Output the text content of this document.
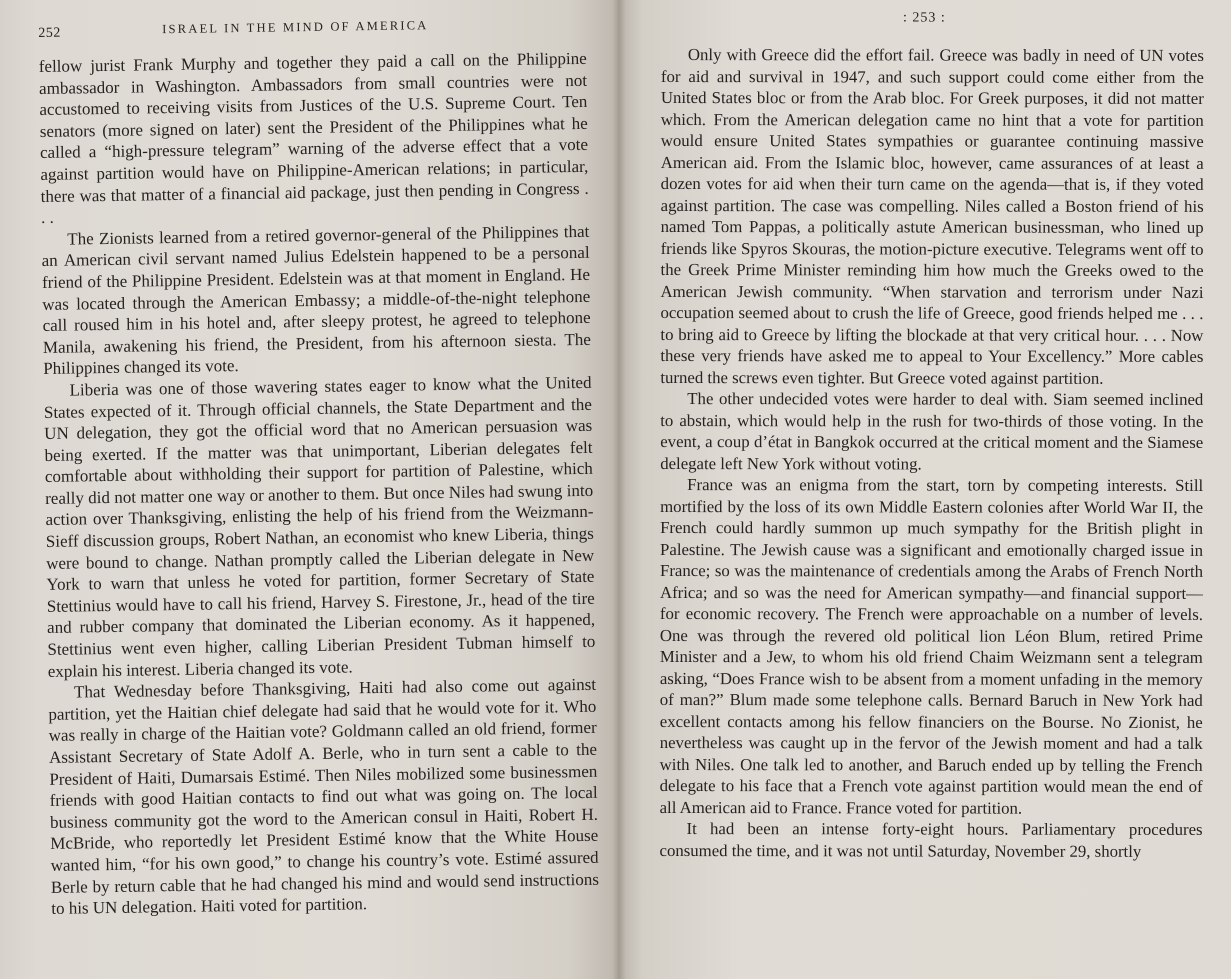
252	ISRAEL IN THE MIND OF AMERICA

fellow jurist Frank Murphy and together they paid a call on the Philippine ambassador in Washington. Ambassadors from small countries were not accustomed to receiving visits from Justices of the U.S. Supreme Court. Ten senators (more signed on later) sent the President of the Philippines what he called a “high-pressure telegram” warning of the adverse effect that a vote against partition would have on Philippine-American relations; in particular, there was that matter of a financial aid package, just then pending in Congress . . .

The Zionists learned from a retired governor-general of the Philippines that an American civil servant named Julius Edelstein happened to be a personal friend of the Philippine President. Edelstein was at that moment in England. He was located through the American Embassy; a middle-of-the-night telephone call roused him in his hotel and, after sleepy protest, he agreed to telephone Manila, awakening his friend, the President, from his afternoon siesta. The Philippines changed its vote.

Liberia was one of those wavering states eager to know what the United States expected of it. Through official channels, the State Department and the UN delegation, they got the official word that no American persuasion was being exerted. If the matter was that unimportant, Liberian delegates felt comfortable about withholding their support for partition of Palestine, which really did not matter one way or another to them. But once Niles had swung into action over Thanksgiving, enlisting the help of his friend from the Weizmann-Sieff discussion groups, Robert Nathan, an economist who knew Liberia, things were bound to change. Nathan promptly called the Liberian delegate in New York to warn that unless he voted for partition, former Secretary of State Stettinius would have to call his friend, Harvey S. Firestone, Jr., head of the tire and rubber company that dominated the Liberian economy. As it happened, Stettinius went even higher, calling Liberian President Tubman himself to explain his interest. Liberia changed its vote.

That Wednesday before Thanksgiving, Haiti had also come out against partition, yet the Haitian chief delegate had said that he would vote for it. Who was really in charge of the Haitian vote? Goldmann called an old friend, former Assistant Secretary of State Adolf A. Berle, who in turn sent a cable to the President of Haiti, Dumarsais Estimé. Then Niles mobilized some businessmen friends with good Haitian contacts to find out what was going on. The local business community got the word to the American consul in Haiti, Robert H. McBride, who reportedly let President Estimé know that the White House wanted him, “for his own good,” to change his country’s vote. Estimé assured Berle by return cable that he had changed his mind and would send instructions to his UN delegation. Haiti voted for partition.

: 253 :

Only with Greece did the effort fail. Greece was badly in need of UN votes for aid and survival in 1947, and such support could come either from the United States bloc or from the Arab bloc. For Greek purposes, it did not matter which. From the American delegation came no hint that a vote for partition would ensure United States sympathies or guarantee continuing massive American aid. From the Islamic bloc, however, came assurances of at least a dozen votes for aid when their turn came on the agenda—that is, if they voted against partition. The case was compelling. Niles called a Boston friend of his named Tom Pappas, a politically astute American businessman, who lined up friends like Spyros Skouras, the motion-picture executive. Telegrams went off to the Greek Prime Minister reminding him how much the Greeks owed to the American Jewish community. “When starvation and terrorism under Nazi occupation seemed about to crush the life of Greece, good friends helped me . . . to bring aid to Greece by lifting the blockade at that very critical hour. . . . Now these very friends have asked me to appeal to Your Excellency.” More cables turned the screws even tighter. But Greece voted against partition.

The other undecided votes were harder to deal with. Siam seemed inclined to abstain, which would help in the rush for two-thirds of those voting. In the event, a coup d’état in Bangkok occurred at the critical moment and the Siamese delegate left New York without voting.

France was an enigma from the start, torn by competing interests. Still mortified by the loss of its own Middle Eastern colonies after World War II, the French could hardly summon up much sympathy for the British plight in Palestine. The Jewish cause was a significant and emotionally charged issue in France; so was the maintenance of credentials among the Arabs of French North Africa; and so was the need for American sympathy—and financial support—for economic recovery. The French were approachable on a number of levels. One was through the revered old political lion Léon Blum, retired Prime Minister and a Jew, to whom his old friend Chaim Weizmann sent a telegram asking, “Does France wish to be absent from a moment unfading in the memory of man?” Blum made some telephone calls. Bernard Baruch in New York had excellent contacts among his fellow financiers on the Bourse. No Zionist, he nevertheless was caught up in the fervor of the Jewish moment and had a talk with Niles. One talk led to another, and Baruch ended up by telling the French delegate to his face that a French vote against partition would mean the end of all American aid to France. France voted for partition.

It had been an intense forty-eight hours. Parliamentary procedures consumed the time, and it was not until Saturday, November 29, shortly
